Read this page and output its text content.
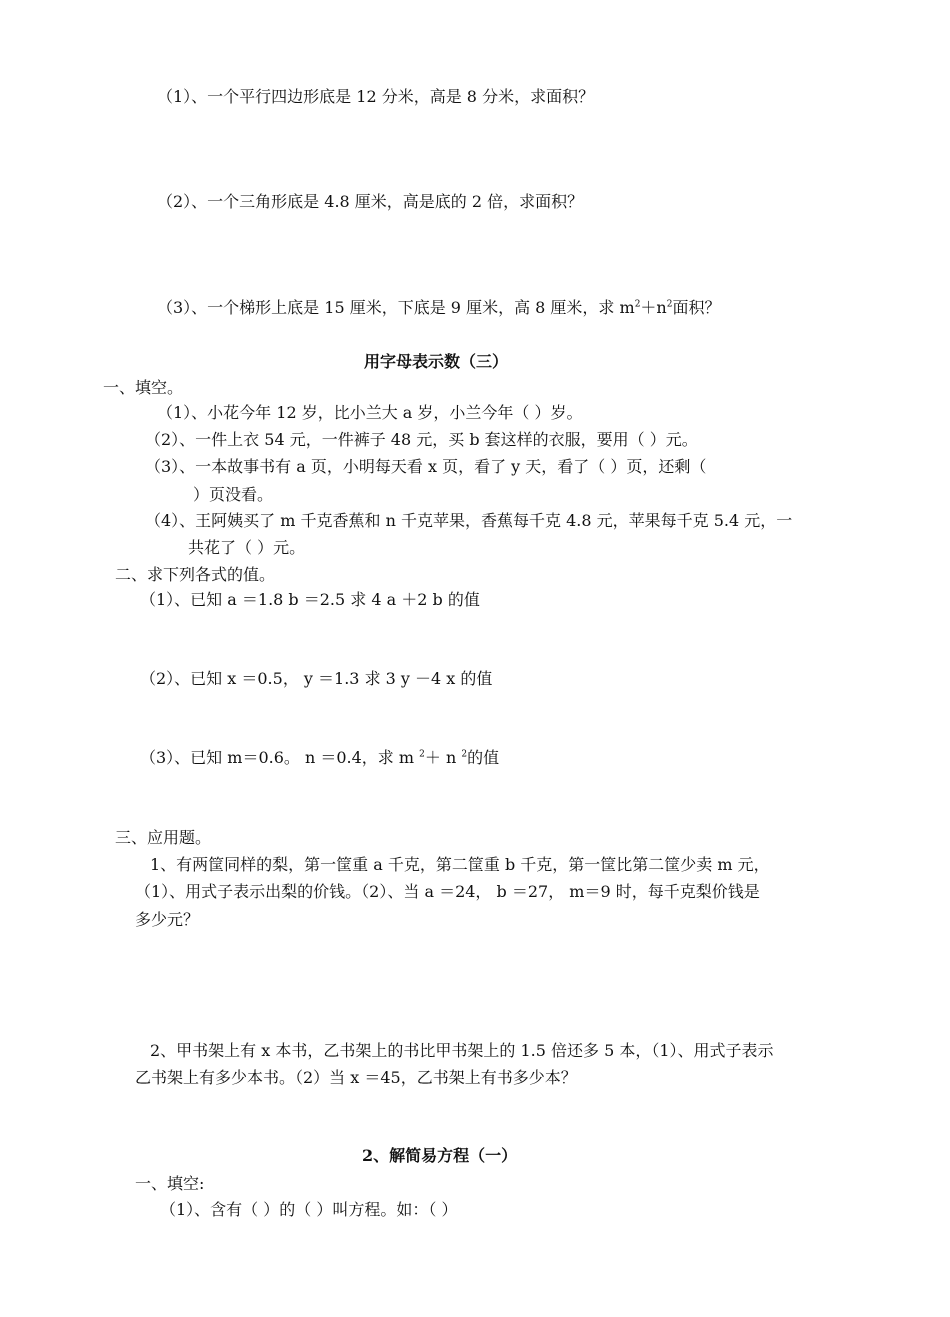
（1）、一个平行四边形底是 12 分米，高是 8 分米，求面积？
（2）、一个三角形底是 4.8 厘米，高是底的 2 倍，求面积？
（3）、一个梯形上底是 15 厘米，下底是 9 厘米，高 8 厘米，求 $m^2+n^2$面积？
用字母表示数（三）
一、填空。
（1）、小花今年 12 岁，比小兰大 a 岁，小兰今年（ ）岁。
（2）、一件上衣 54 元，一件裤子 48 元，买 b 套这样的衣服，要用（ ）元。
（3）、一本故事书有 a 页，小明每天看 x 页，看了 y 天，看了（ ）页，还剩（
）页没看。
（4）、王阿姨买了 m 千克香蕉和 n 千克苹果，香蕉每千克 4.8 元，苹果每千克 5.4 元，一
共花了（ ）元。
二、求下列各式的值。
（1）、已知 a ＝1.8 b ＝2.5 求 4 a ＋2 b 的值
（2）、已知 x ＝0.5， y ＝1.3 求 3 y －4 x 的值
（3）、已知 m＝0.6。 n ＝0.4，求 m $^2$＋ n $^2$的值
三、应用题。
1、有两筐同样的梨，第一筐重 a 千克，第二筐重 b 千克，第一筐比第二筐少卖 m 元，
（1）、用式子表示出梨的价钱。（2）、当 a ＝24， b ＝27， m＝9 时，每千克梨价钱是
多少元？
2、甲书架上有 x 本书，乙书架上的书比甲书架上的 1.5 倍还多 5 本，（1）、用式子表示
乙书架上有多少本书。（2）当 x ＝45，乙书架上有书多少本？
2、解简易方程（一）
一、填空:
（1）、含有（ ）的（ ）叫方程。如：（ ）
